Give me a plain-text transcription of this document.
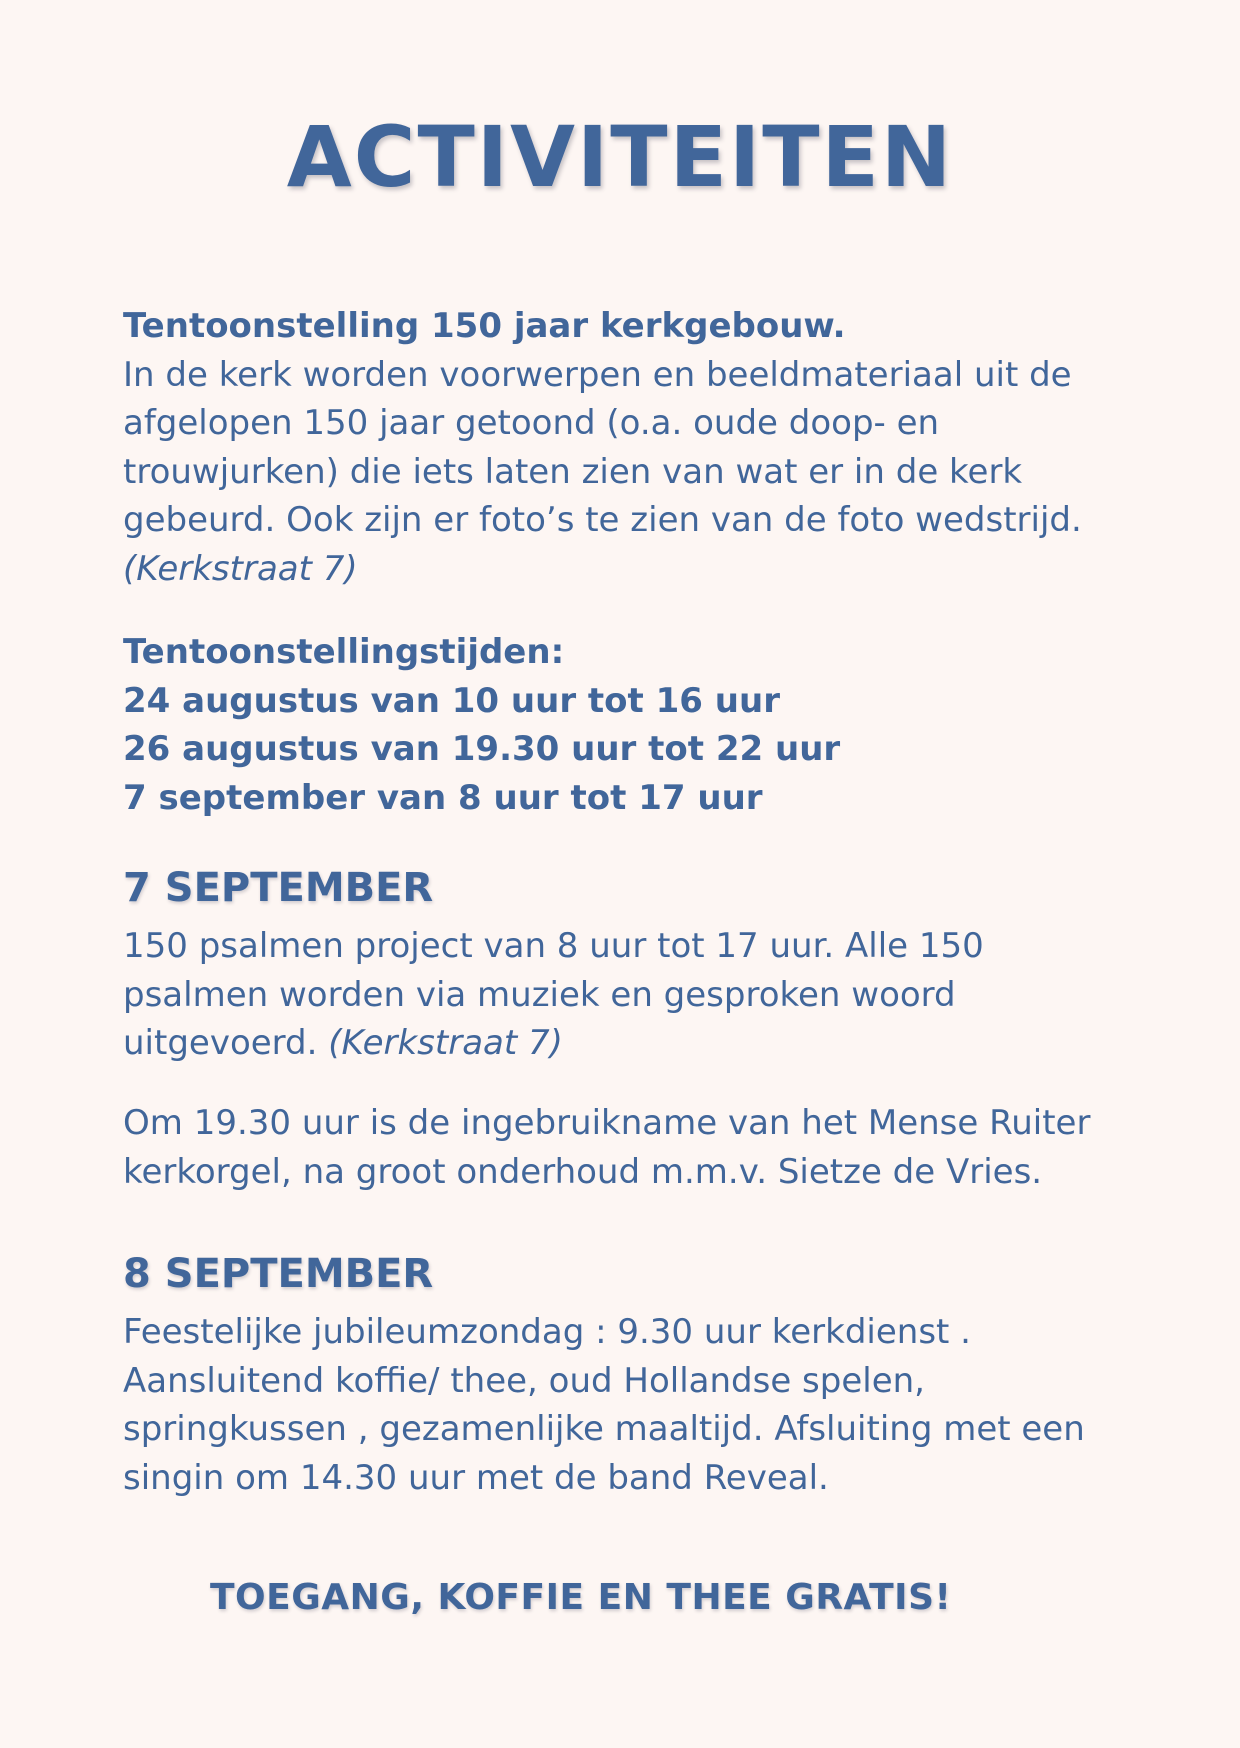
ACTIVITEITEN

Tentoonstelling 150 jaar kerkgebouw.

In de kerk worden voorwerpen en beeldmateriaal uit de

afgelopen 150 jaar getoond (o.a. oude doop- en

trouwjurken) die iets laten zien van wat er in de kerk

gebeurd. Ook zijn er foto’s te zien van de foto wedstrijd.

(Kerkstraat 7)

Tentoonstellingstijden:

24 augustus van 10 uur tot 16 uur

26 augustus van 19.30 uur tot 22 uur

7 september van 8 uur tot 17 uur

7 SEPTEMBER

150 psalmen project van 8 uur tot 17 uur. Alle 150

psalmen worden via muziek en gesproken woord

uitgevoerd. (Kerkstraat 7)

Om 19.30 uur is de ingebruikname van het Mense Ruiter

kerkorgel, na groot onderhoud m.m.v. Sietze de Vries.

8 SEPTEMBER

Feestelijke jubileumzondag : 9.30 uur kerkdienst .

Aansluitend koffie/ thee, oud Hollandse spelen,

springkussen , gezamenlijke maaltijd. Afsluiting met een

singin om 14.30 uur met de band Reveal.

TOEGANG, KOFFIE EN THEE GRATIS!
